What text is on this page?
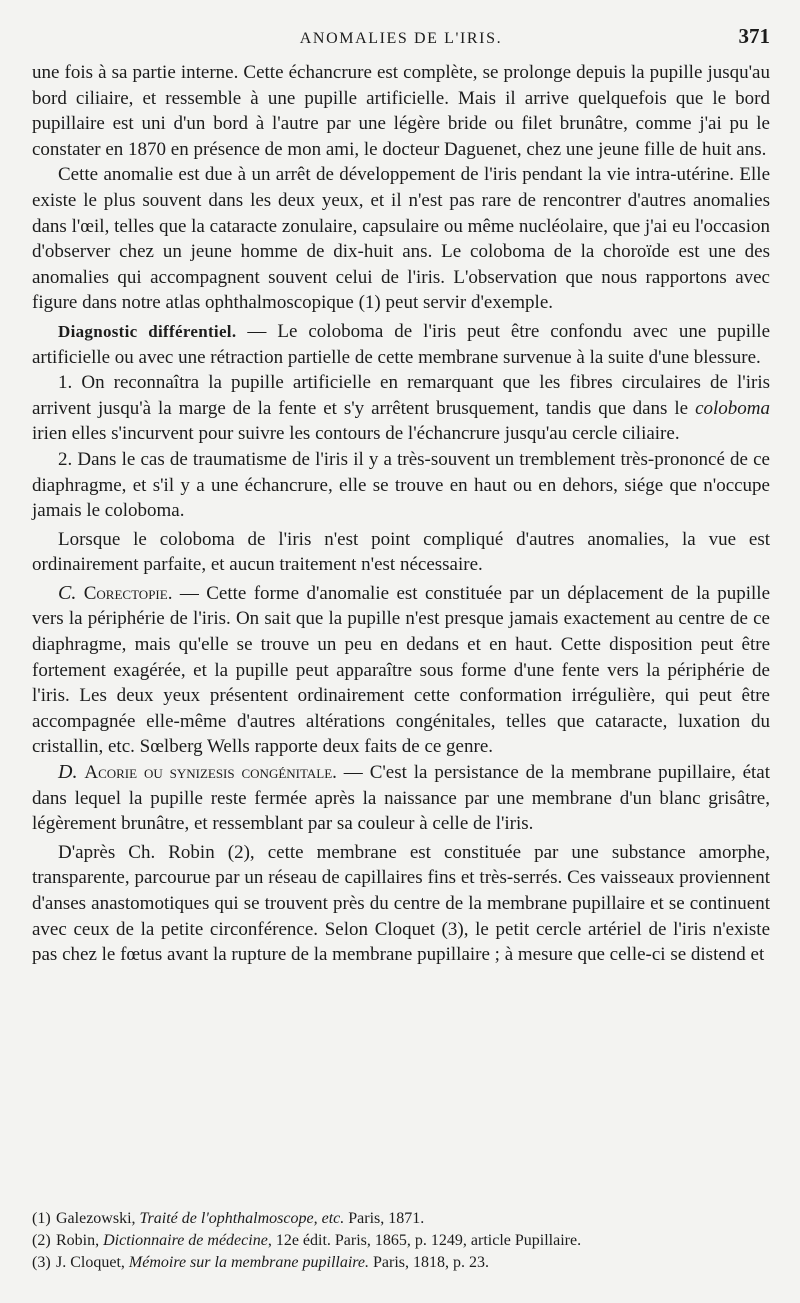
ANOMALIES DE L'IRIS.	371

une fois à sa partie interne. Cette échancrure est complète, se prolonge depuis la pupille jusqu'au bord ciliaire, et ressemble à une pupille artificielle. Mais il arrive quelquefois que le bord pupillaire est uni d'un bord à l'autre par une légère bride ou filet brunâtre, comme j'ai pu le constater en 1870 en présence de mon ami, le docteur Daguenet, chez une jeune fille de huit ans.

Cette anomalie est due à un arrêt de développement de l'iris pendant la vie intra-utérine. Elle existe le plus souvent dans les deux yeux, et il n'est pas rare de rencontrer d'autres anomalies dans l'œil, telles que la cataracte zonulaire, capsulaire ou même nucléolaire, que j'ai eu l'occasion d'observer chez un jeune homme de dix-huit ans. Le coloboma de la choroïde est une des anomalies qui accompagnent souvent celui de l'iris. L'observation que nous rapportons avec figure dans notre atlas ophthalmoscopique (1) peut servir d'exemple.

Diagnostic différentiel. — Le coloboma de l'iris peut être confondu avec une pupille artificielle ou avec une rétraction partielle de cette membrane survenue à la suite d'une blessure.

1. On reconnaîtra la pupille artificielle en remarquant que les fibres circulaires de l'iris arrivent jusqu'à la marge de la fente et s'y arrêtent brusquement, tandis que dans le coloboma irien elles s'incurvent pour suivre les contours de l'échancrure jusqu'au cercle ciliaire.

2. Dans le cas de traumatisme de l'iris il y a très-souvent un tremblement très-prononcé de ce diaphragme, et s'il y a une échancrure, elle se trouve en haut ou en dehors, siége que n'occupe jamais le coloboma.

Lorsque le coloboma de l'iris n'est point compliqué d'autres anomalies, la vue est ordinairement parfaite, et aucun traitement n'est nécessaire.

C. Corectopie. — Cette forme d'anomalie est constituée par un déplacement de la pupille vers la périphérie de l'iris. On sait que la pupille n'est presque jamais exactement au centre de ce diaphragme, mais qu'elle se trouve un peu en dedans et en haut. Cette disposition peut être fortement exagérée, et la pupille peut apparaître sous forme d'une fente vers la périphérie de l'iris. Les deux yeux présentent ordinairement cette conformation irrégulière, qui peut être accompagnée elle-même d'autres altérations congénitales, telles que cataracte, luxation du cristallin, etc. Sœlberg Wells rapporte deux faits de ce genre.

D. Acorie ou synizesis congénitale. — C'est la persistance de la membrane pupillaire, état dans lequel la pupille reste fermée après la naissance par une membrane d'un blanc grisâtre, légèrement brunâtre, et ressemblant par sa couleur à celle de l'iris.

D'après Ch. Robin (2), cette membrane est constituée par une substance amorphe, transparente, parcourue par un réseau de capillaires fins et très-serrés. Ces vaisseaux proviennent d'anses anastomotiques qui se trouvent près du centre de la membrane pupillaire et se continuent avec ceux de la petite circonférence. Selon Cloquet (3), le petit cercle artériel de l'iris n'existe pas chez le fœtus avant la rupture de la membrane pupillaire ; à mesure que celle-ci se distend et

(1) Galezowski, Traité de l'ophthalmoscope, etc. Paris, 1871.

(2) Robin, Dictionnaire de médecine, 12e édit. Paris, 1865, p. 1249, article Pupillaire.

(3) J. Cloquet, Mémoire sur la membrane pupillaire. Paris, 1818, p. 23.
